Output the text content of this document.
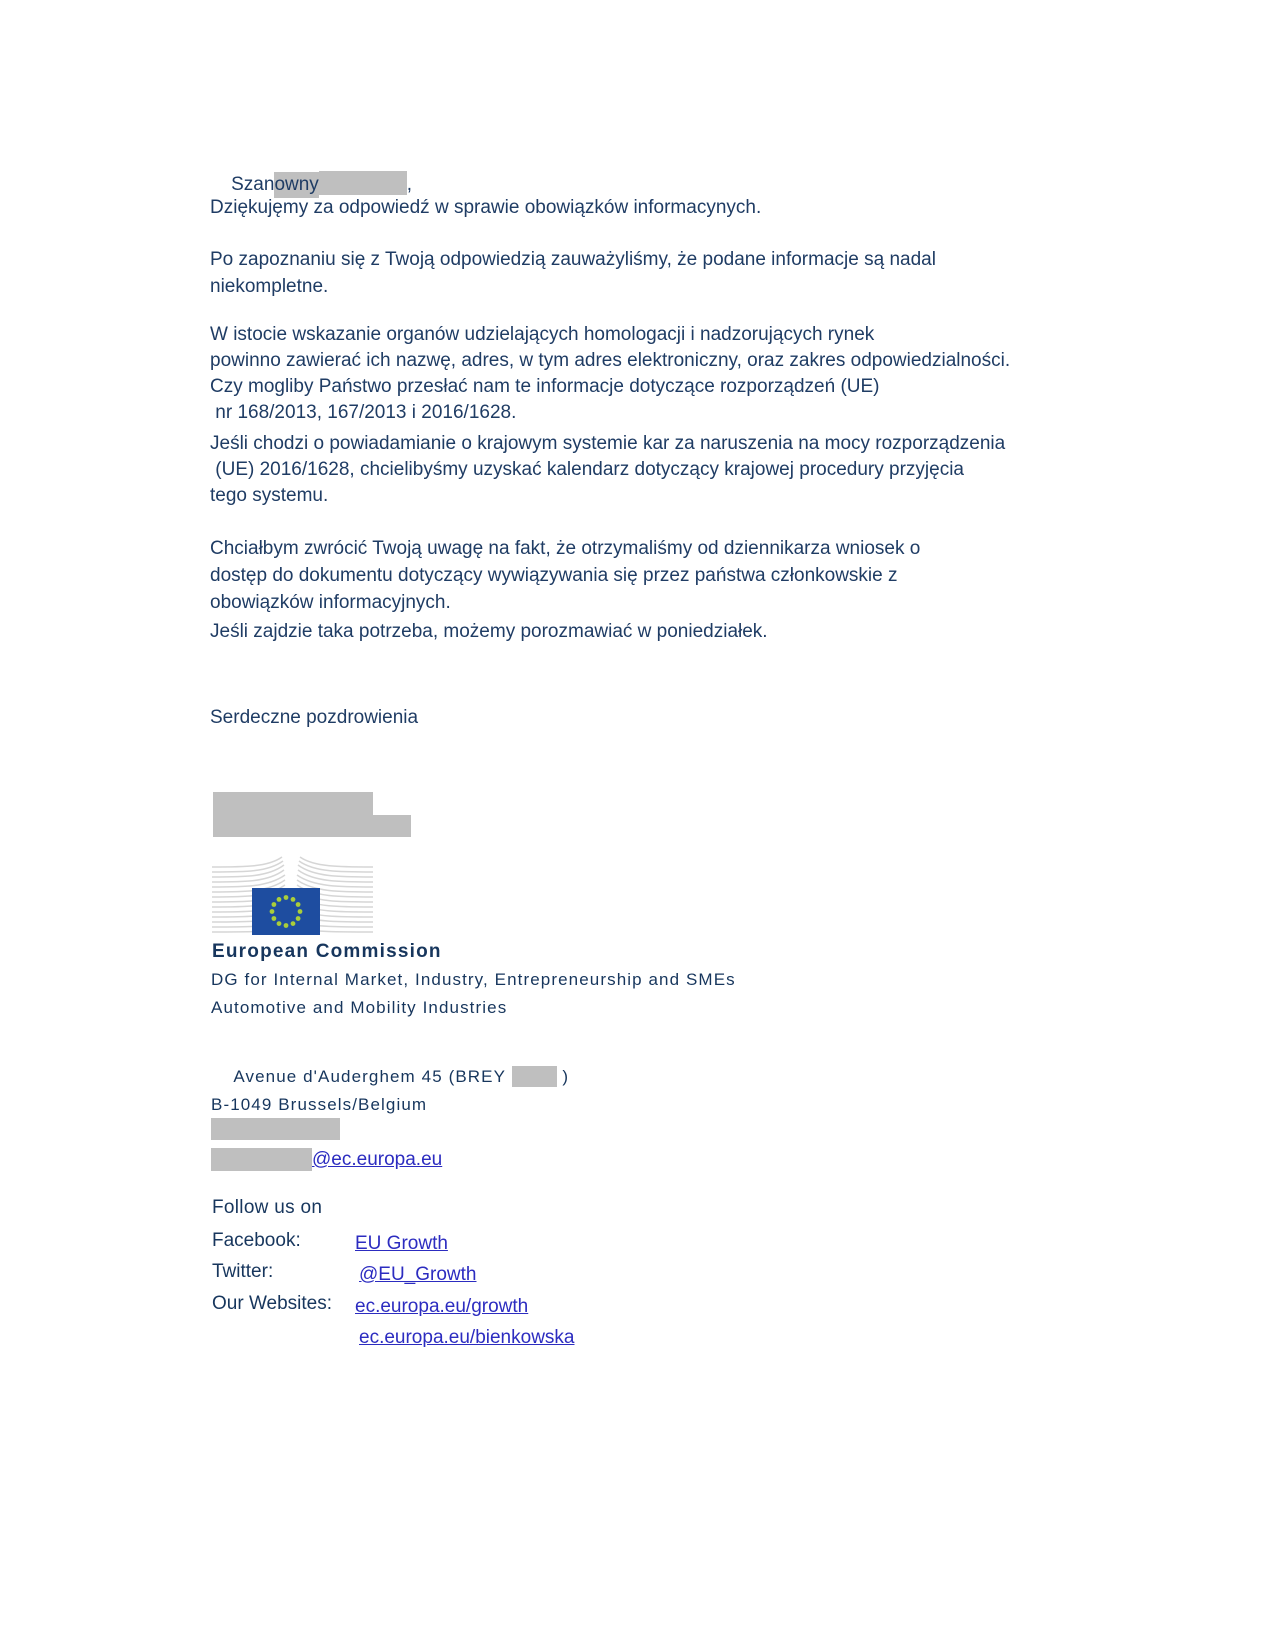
Szanowny	,

Dziękujęmy za odpowiedź w sprawie obowiązków informacynych.
Po zapoznaniu się z Twoją odpowiedzią zauważyliśmy, że podane informacje są nadal
niekompletne.
W istocie wskazanie organów udzielających homologacji i nadzorujących rynek
powinno zawierać ich nazwę, adres, w tym adres elektroniczny, oraz zakres odpowiedzialności.
Czy mogliby Państwo przesłać nam te informacje dotyczące rozporządzeń (UE)
nr 168/2013, 167/2013 i 2016/1628.
Jeśli chodzi o powiadamianie o krajowym systemie kar za naruszenia na mocy rozporządzenia
(UE) 2016/1628, chcielibyśmy uzyskać kalendarz dotyczący krajowej procedury przyjęcia
tego systemu.
Chciałbym zwrócić Twoją uwagę na fakt, że otrzymaliśmy od dziennikarza wniosek o
dostęp do dokumentu dotyczący wywiązywania się przez państwa członkowskie z
obowiązków informacyjnych.
Jeśli zajdzie taka potrzeba, możemy porozmawiać w poniedziałek.
Serdeczne pozdrowienia
European Commission
DG for Internal Market, Industry, Entrepreneurship and SMEs
Automotive and Mobility Industries

Avenue d'Auderghem 45 (BREY	)

B-1049 Brussels/Belgium
@ec.europa.eu
Follow us on
Facebook:	EU Growth
Twitter:	@EU_Growth
Our Websites:	ec.europa.eu/growth
ec.europa.eu/bienkowska
